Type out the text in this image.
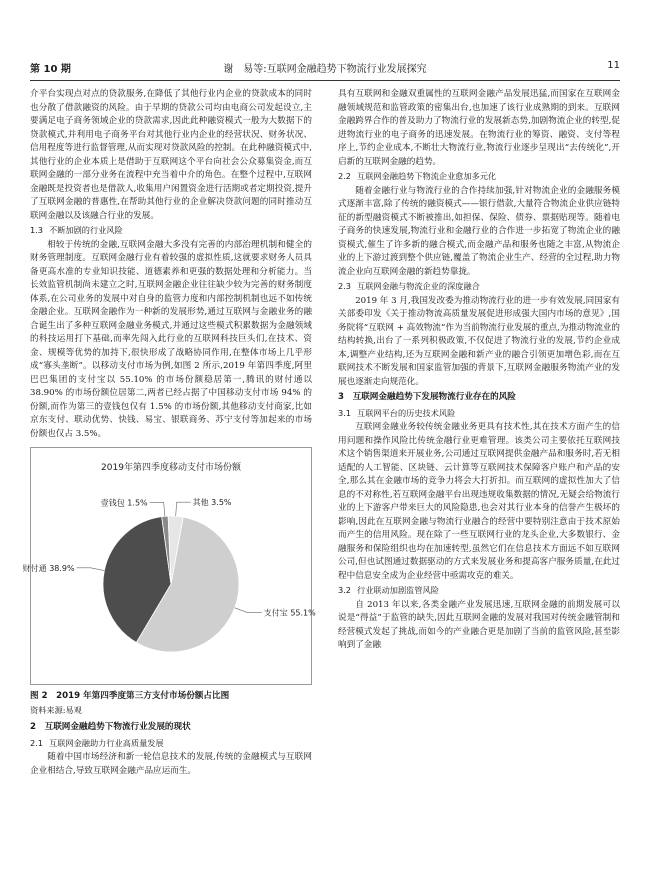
第 10 期	谢　易等:互联网金融趋势下物流行业发展探究	11

介平台实现点对点的贷款服务,在降低了其他行业内企业的贷款成本的同时也分散了借款融资的风险。由于早期的贷款公司均由电商公司发起设立,主要满足电子商务领域企业的贷款需求,因此此种融资模式一般为大数据下的贷款模式,并利用电子商务平台对其他行业内企业的经营状况、财务状况、信用程度等进行监督管理,从而实现对贷款风险的控制。在此种融资模式中,其他行业的企业本质上是借助于互联网这个平台向社会公众募集资金,而互联网金融的一部分业务在流程中充当着中介的角色。在整个过程中,互联网金融既是投资者也是借款人,收集用户闲置资金进行活期或者定期投资,提升了互联网金融的普惠性,在帮助其他行业的企业解决贷款问题的同时推动互联网金融以及该融合行业的发展。

1.3 不断加剧的行业风险

相较于传统的金融,互联网金融大多没有完善的内部治理机制和健全的财务管理制度。互联网金融行业有着较强的虚拟性质,这就要求财务人员具备更高水准的专业知识技能、道德素养和更强的数据处理和分析能力。当长效监管机制尚未建立之时,互联网金融企业往往缺少较为完善的财务制度体系,在公司业务的发展中对自身的监管力度和内部控制机制也远不如传统金融企业。互联网金融作为一种新的发展形势,通过互联网与金融业务的融合诞生出了多种互联网金融业务模式,并通过这些模式积累数据为金融领域的科技运用打下基础,而率先闯入此行业的互联网科技巨头们,在技术、资金、规模等优势的加持下,很快形成了战略协同作用,在整体市场上几乎形成“寡头垄断”。以移动支付市场为例,如图 2 所示,2019 年第四季度,阿里巴巴集团的支付宝以 55.10% 的市场份额稳居第一,腾讯的财付通以 38.90% 的市场份额位居第二,两者已经占据了中国移动支付市场 94% 的份额,而作为第三的壹钱包仅有 1.5% 的市场份额,其他移动支付商家,比如京东支付、联动优势、快钱、易宝、银联商务、苏宁支付等加起来的市场份额也仅占 3.5%。

2019年第四季度移动支付市场份额
支付宝 55.1%
财付通 38.9%
壹钱包 1.5%	其他 3.5%
图 2　2019 年第四季度第三方支付市场份额占比图
资料来源:易观
2　 互联网金融趋势下物流行业发展的现状
2.1 互联网金融助力行业高质量发展

随着中国市场经济和新一轮信息技术的发展,传统的金融模式与互联网企业相结合,导致互联网金融产品应运而生。

具有互联网和金融双重属性的互联网金融产品发展迅猛,而国家在互联网金融领域规范和监管政策的密集出台,也加速了该行业成熟期的到来。互联网金融跨界合作的普及助力了物流行业的发展新态势,加剧物流企业的转型,促进物流行业的电子商务的迅速发展。在物流行业的筹资、融资、支付等程序上,节约企业成本,不断壮大物流行业,物流行业逐步呈现出“去传统化”,开启新的互联网金融的趋势。

2.2 互联网金融趋势下物流企业愈加多元化

随着金融行业与物流行业的合作持续加强,针对物流企业的金融服务模式逐渐丰富,除了传统的融资模式——银行借款,大量符合物流企业供应链特征的新型融资模式不断被推出,如担保、保险、债券、票据贴现等。随着电子商务的快速发展,物流行业和金融行业的合作进一步拓宽了物流企业的融资模式,催生了许多新的融合模式,而金融产品和服务也随之丰富,从物流企业的上下游过渡到整个供应链,覆盖了物流企业生产、经营的全过程,助力物流企业向互联网金融的新趋势靠拢。

2.3 互联网金融与物流企业的深度融合

2019 年 3 月,我国发改委为推动物流行业的进一步有效发展,同国家有关部委印发《关于推动物流高质量发展促进形成强大国内市场的意见》,国务院将“互联网 + 高效物流”作为当前物流行业发展的重点,为推动物流业的结构转换,出台了一系列积极政策,不仅促进了物流行业的发展,节约企业成本,调整产业结构,还为互联网金融和新产业的融合引领更加增色彩,而在互联网技术不断发展和国家监管加强的背景下,互联网金融服务物流产业的发展也逐渐走向规范化。

3　 互联网金融趋势下发展物流行业存在的风险
3.1 互联网平台的历史技术风险

互联网金融业务较传统金融业务更具有技术性,其在技术方面产生的信用问题和操作风险比传统金融行业更难管理。该类公司主要依托互联网技术这个销售渠道来开展业务,公司通过互联网提供金融产品和服务时,若无相适配的人工智能、区块链、云计算等互联网技术保障客户账户和产品的安全,那么其在金融市场的竞争力将会大打折扣。而互联网的虚拟性加大了信息的不对称性,若互联网金融平台出现违规收集数据的情况,无疑会给物流行业的上下游客户带来巨大的风险隐患,也会对其行业本身的信誉产生极坏的影响,因此在互联网金融与物流行业融合的经营中要特别注意由于技术原始而产生的信用风险。现在除了一些互联网行业的龙头企业,大多数银行、金融服务和保险组织也均在加速转型,虽然它们在信息技术方面远不如互联网公司,但也试图通过数据驱动的方式来发展业务和提高客户服务质量,在此过程中信息安全成为企业经营中亟需攻克的难关。

3.2 行业联动加剧监管风险

自 2013 年以来,各类金融产业发展迅速,互联网金融的前期发展可以说是“得益”于监管的缺失,因此互联网金融的发展对我国对传统金融管制和经营模式发起了挑战,而如今的产业融合更是加剧了当前的监管风险,甚至影响到了金融
